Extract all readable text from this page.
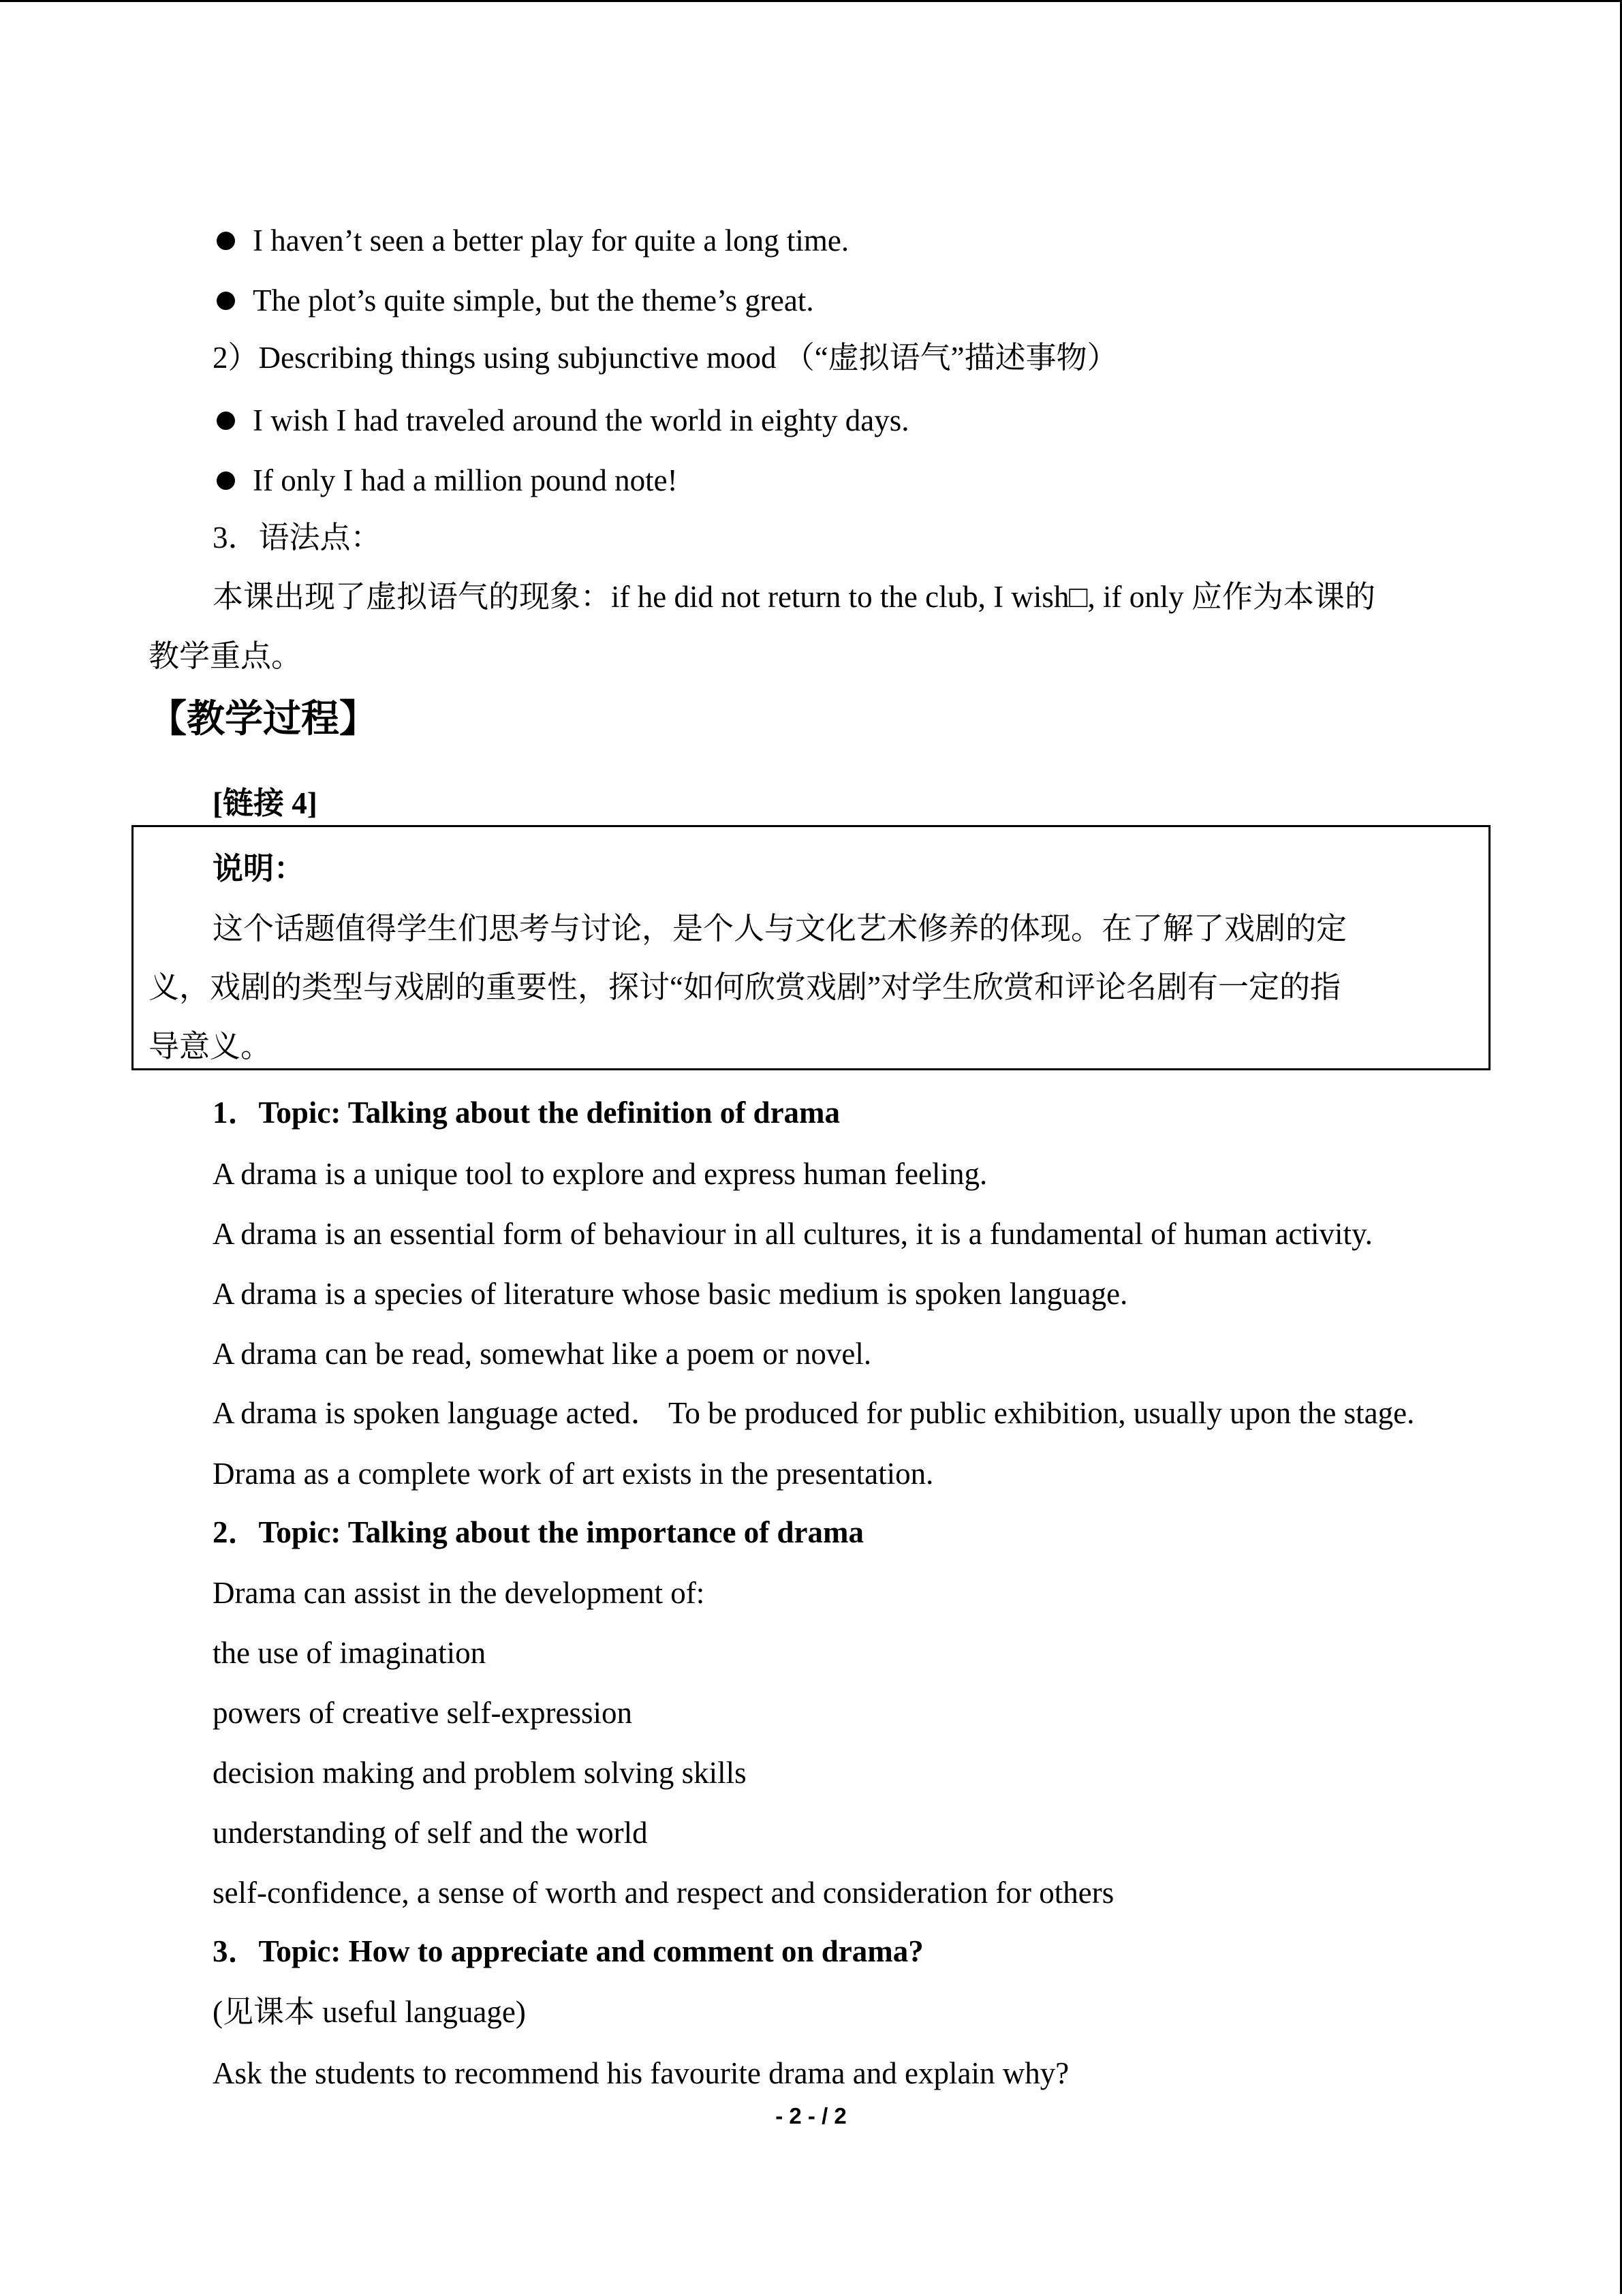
I haven’t seen a better play for quite a long time.
The plot’s quite simple, but the theme’s great.
2）Describing things using subjunctive mood （“虚拟语气”描述事物）
I wish I had traveled around the world in eighty days.
If only I had a million pound note!
3．语法点：
本课出现了虚拟语气的现象：if he did not return to the club, I wish□, if only 应作为本课的
教学重点。
【教学过程】
[链接 4]
说明：
这个话题值得学生们思考与讨论，是个人与文化艺术修养的体现。在了解了戏剧的定
义，戏剧的类型与戏剧的重要性，探讨“如何欣赏戏剧”对学生欣赏和评论名剧有一定的指
导意义。
1．Topic: Talking about the definition of drama
A drama is a unique tool to explore and express human feeling.
A drama is an essential form of behaviour in all cultures, it is a fundamental of human activity.
A drama is a species of literature whose basic medium is spoken language.
A drama can be read, somewhat like a poem or novel.
A drama is spoken language acted． To be produced for public exhibition, usually upon the stage.
Drama as a complete work of art exists in the presentation.
2．Topic: Talking about the importance of drama
Drama can assist in the development of:
the use of imagination
powers of creative self-expression
decision making and problem solving skills
understanding of self and the world
self-confidence, a sense of worth and respect and consideration for others
3．Topic: How to appreciate and comment on drama?
(见课本 useful language)
Ask the students to recommend his favourite drama and explain why?
- 2 - / 2
